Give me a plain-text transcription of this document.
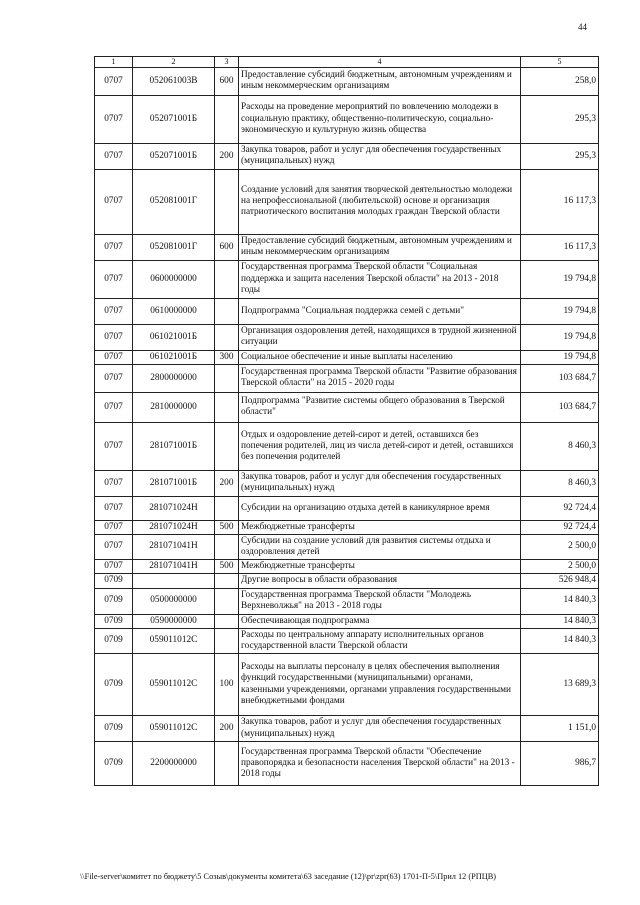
44
1	2	3	4	5
0707	052061003В	600	Предоставление субсидий бюджетным, автономным учреждениям и иным некоммерческим организациям	258,0
0707	052071001Б		Расходы на проведение мероприятий по вовлечению молодежи в социальную практику, общественно-политическую, социально-экономическую и культурную жизнь общества	295,3
0707	052071001Б	200	Закупка товаров, работ и услуг для обеспечения государственных (муниципальных) нужд	295,3
0707	052081001Г		Создание условий для занятия творческой деятельностью молодежи на непрофессиональной (любительской) основе и организация патриотического воспитания молодых граждан Тверской области	16 117,3
0707	052081001Г	600	Предоставление субсидий бюджетным, автономным учреждениям и иным некоммерческим организациям	16 117,3
0707	0600000000		Государственная программа Тверской области "Социальная поддержка и защита населения Тверской области" на 2013 - 2018 годы	19 794,8
0707	0610000000		Подпрограмма "Социальная поддержка семей с детьми"	19 794,8
0707	061021001Б		Организация оздоровления детей, находящихся в трудной жизненной ситуации	19 794,8
0707	061021001Б	300	Социальное обеспечение и иные выплаты населению	19 794,8
0707	2800000000		Государственная программа Тверской области "Развитие образования Тверской области" на 2015 - 2020 годы	103 684,7
0707	2810000000		Подпрограмма "Развитие системы общего образования в Тверской области"	103 684,7
0707	281071001Б		Отдых и оздоровление детей-сирот и детей, оставшихся без попечения родителей, лиц из числа детей-сирот и детей, оставшихся без попечения родителей	8 460,3
0707	281071001Б	200	Закупка товаров, работ и услуг для обеспечения государственных (муниципальных) нужд	8 460,3
0707	281071024Н		Субсидии на организацию отдыха детей в каникулярное время	92 724,4
0707	281071024Н	500	Межбюджетные трансферты	92 724,4
0707	281071041Н		Субсидии на создание условий для развития системы отдыха и оздоровления детей	2 500,0
0707	281071041Н	500	Межбюджетные трансферты	2 500,0
0709			Другие вопросы в области образования	526 948,4
0709	0500000000		Государственная программа Тверской области "Молодежь Верхневолжья" на 2013 - 2018 годы	14 840,3
0709	0590000000		Обеспечивающая подпрограмма	14 840,3
0709	059011012С		Расходы по центральному аппарату исполнительных органов государственной власти Тверской области	14 840,3
0709	059011012С	100	Расходы на выплаты персоналу в целях обеспечения выполнения функций государственными (муниципальными) органами, казенными учреждениями, органами управления государственными внебюджетными фондами	13 689,3
0709	059011012С	200	Закупка товаров, работ и услуг для обеспечения государственных (муниципальных) нужд	1 151,0
0709	2200000000		Государственная программа Тверской области "Обеспечение правопорядка и безопасности населения Тверской области" на 2013 - 2018 годы	986,7
\\File-server\комитет по бюджету\5 Созыв\документы комитета\63 заседание (12)\pr\zpr(63) 1701-П-5\Прил 12 (РПЦВ)
